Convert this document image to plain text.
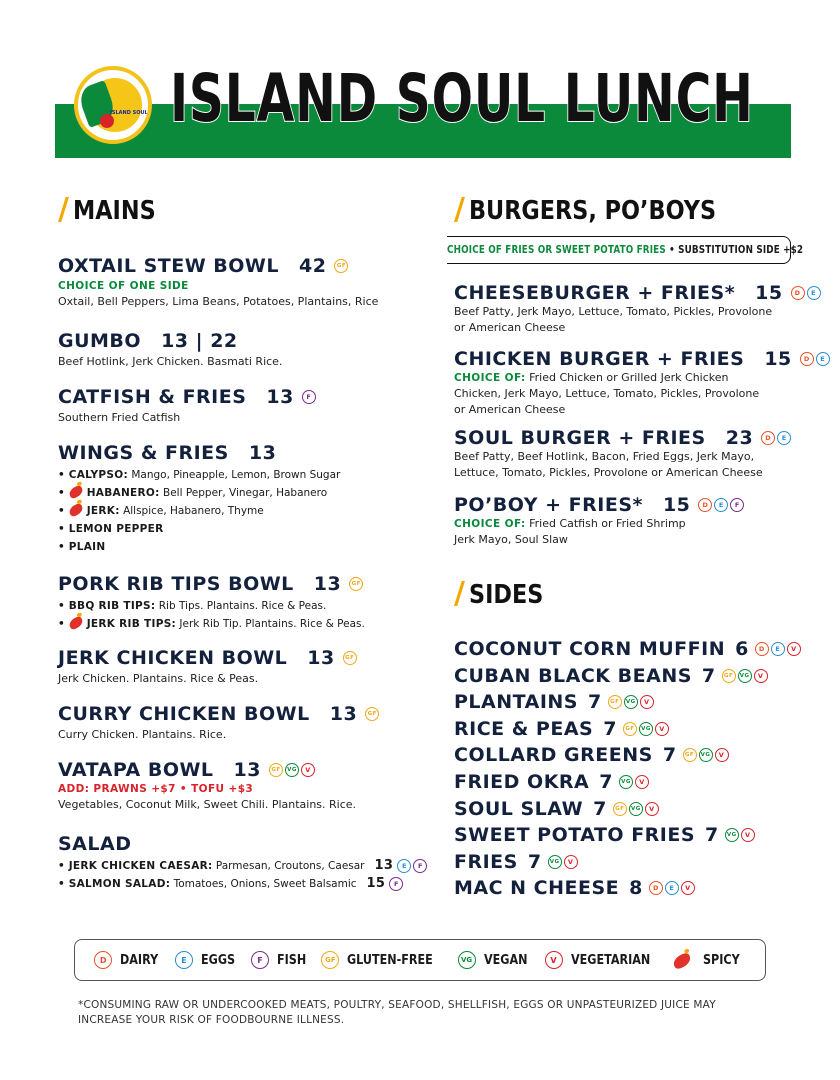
ISLAND SOUL ISLAND SOUL LUNCH
/ MAINS	/ BURGERS, PO’BOYS
/ SIDES
CHOICE OF FRIES OR SWEET POTATO FRIES • SUBSTITUTION SIDE +$2
OXTAIL STEW BOWL 42	GF
CHOICE OF ONE SIDE
Oxtail, Bell Peppers, Lima Beans, Potatoes, Plantains, Rice
GUMBO 13 | 22
Beef Hotlink, Jerk Chicken. Basmati Rice.
CATFISH & FRIES 13	F
Southern Fried Catfish
WINGS & FRIES 13
• CALYPSO: Mango, Pineapple, Lemon, Brown Sugar
• HABANERO: Bell Pepper, Vinegar, Habanero
• JERK: Allspice, Habanero, Thyme
• LEMON PEPPER
• PLAIN
PORK RIB TIPS BOWL 13	GF
• BBQ RIB TIPS: Rib Tips. Plantains. Rice & Peas.
• JERK RIB TIPS: Jerk Rib Tip. Plantains. Rice & Peas.
JERK CHICKEN BOWL 13	GF
Jerk Chicken. Plantains. Rice & Peas.
CURRY CHICKEN BOWL 13	GF
Curry Chicken. Plantains. Rice.
VATAPA BOWL 13	GF	VG	V
ADD: PRAWNS +$7 • TOFU +$3
Vegetables, Coconut Milk, Sweet Chili. Plantains. Rice.
SALAD
• JERK CHICKEN CAESAR:
Parmesan, Croutons, Caesar 13	E	F
• SALMON SALAD:
Tomatoes, Onions, Sweet Balsamic 15	F
CHEESEBURGER + FRIES* 15	D	E
Beef Patty, Jerk Mayo, Lettuce, Tomato, Pickles, Provolone
or American Cheese
CHICKEN BURGER + FRIES 15	D	E
CHOICE OF: Fried Chicken or Grilled Jerk Chicken
Chicken, Jerk Mayo, Lettuce, Tomato, Pickles, Provolone
or American Cheese
SOUL BURGER + FRIES 23	D	E
Beef Patty, Beef Hotlink, Bacon, Fried Eggs, Jerk Mayo,
Lettuce, Tomato, Pickles, Provolone or American Cheese
PO’BOY + FRIES* 15	D	E	F
CHOICE OF: Fried Catfish or Fried Shrimp
Jerk Mayo, Soul Slaw
COCONUT CORN MUFFIN 6	D	E	V
CUBAN BLACK BEANS 7	GF	VG	V
PLANTAINS 7	GF	VG	V
RICE & PEAS 7	GF	VG	V
COLLARD GREENS 7	GF	VG	V
FRIED OKRA 7	VG	V
SOUL SLAW 7	GF	VG	V
SWEET POTATO FRIES 7	VG	V
FRIES 7	VG	V
MAC N CHEESE 8	D	E	V
D	DAIRY	E	EGGS	F	FISH	GF GLUTEN-FREE	VG VEGAN	V	VEGETARIAN	SPICY
*CONSUMING RAW OR UNDERCOOKED MEATS, POULTRY, SEAFOOD, SHELLFISH, EGGS OR UNPASTEURIZED JUICE MAY INCREASE YOUR RISK OF FOODBOURNE ILLNESS.
